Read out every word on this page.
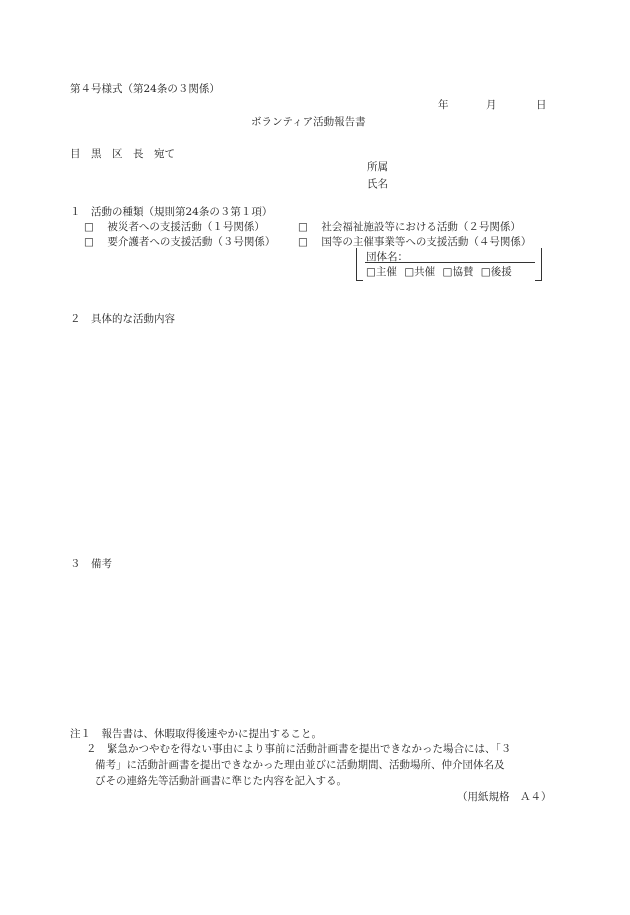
第４号様式（第24条の３関係）
年	月	日
ボランティア活動報告書
目　黒　区　長　宛て
所属
氏名
１　活動の種類（規則第24条の３第１項）
□ 被災者への支援活動（１号関係）	□ 社会福祉施設等における活動（２号関係）
□ 要介護者への支援活動（３号関係） □ 国等の主催事業等への支援活動（４号関係）
団体名：
□主催 □共催 □協賛 □後援
２　具体的な活動内容
３　備考
注１　報告書は、休暇取得後速やかに提出すること。
２　緊急かつやむを得ない事由により事前に活動計画書を提出できなかった場合には、「３
備考」に活動計画書を提出できなかった理由並びに活動期間、活動場所、仲介団体名及
びその連絡先等活動計画書に準じた内容を記入する。
（用紙規格　Ａ４）
